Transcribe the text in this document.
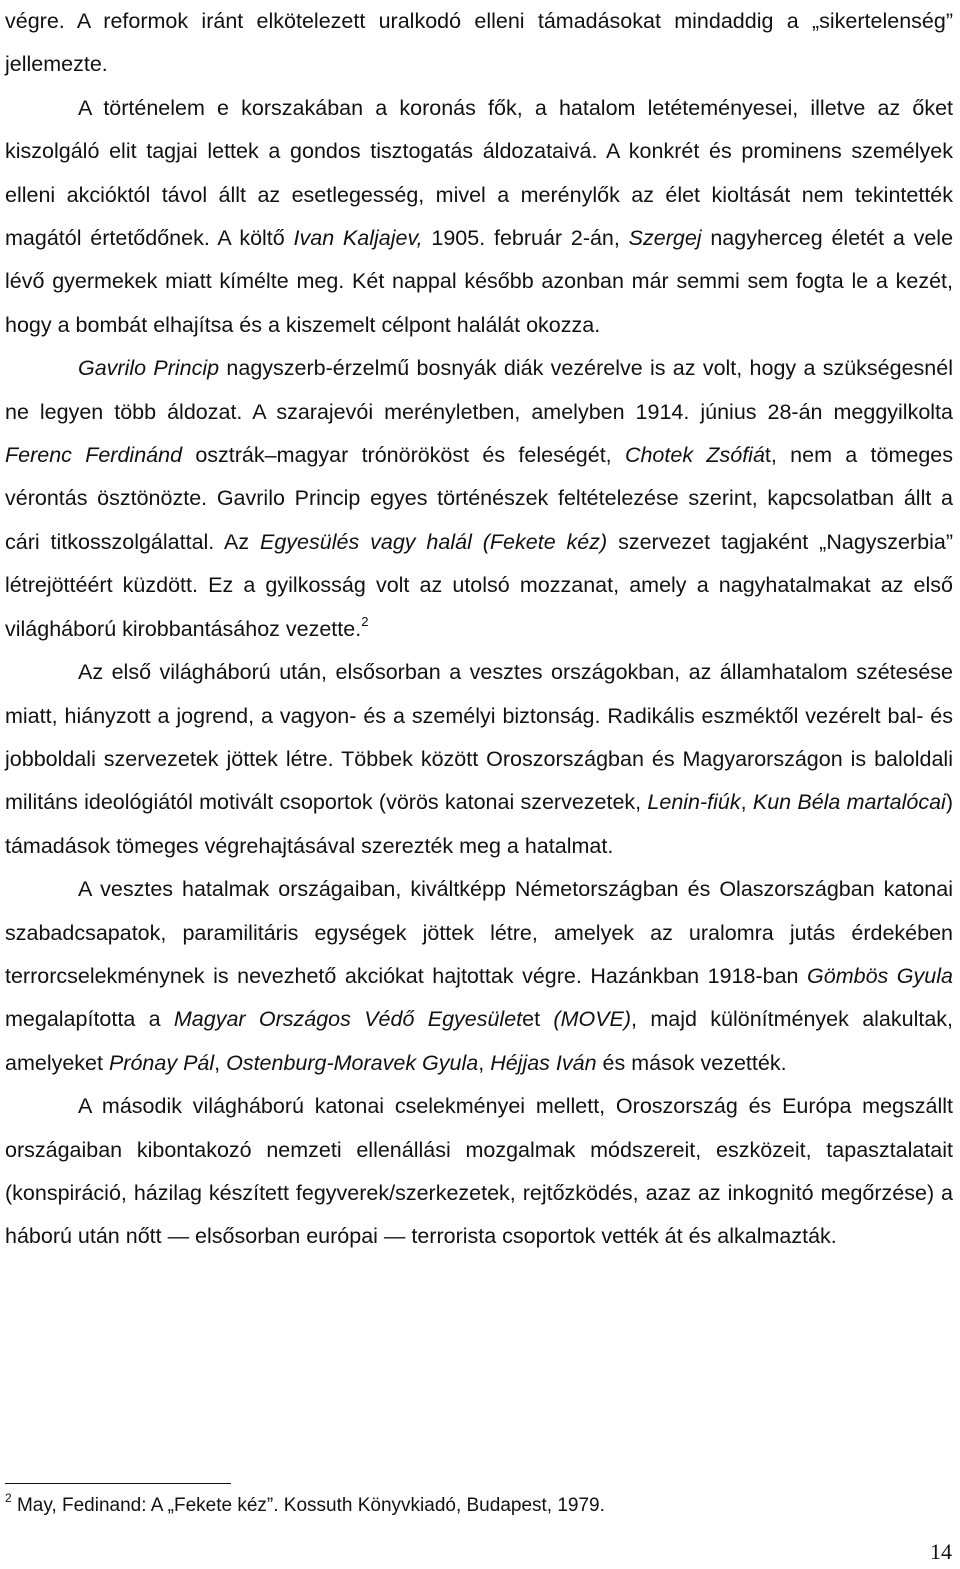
végre. A reformok iránt elkötelezett uralkodó elleni támadásokat mindaddig a „sikertelenség” jellemezte.

A történelem e korszakában a koronás fők, a hatalom letéteményesei, illetve az őket kiszolgáló elit tagjai lettek a gondos tisztogatás áldozataivá. A konkrét és prominens személyek elleni akcióktól távol állt az esetlegesség, mivel a merénylők az élet kioltását nem tekintették magától értetődőnek. A költő Ivan Kaljajev, 1905. február 2-án, Szergej nagyherceg életét a vele lévő gyermekek miatt kímélte meg. Két nappal később azonban már semmi sem fogta le a kezét, hogy a bombát elhajítsa és a kiszemelt célpont halálát okozza.

Gavrilo Princip nagyszerb-érzelmű bosnyák diák vezérelve is az volt, hogy a szükségesnél ne legyen több áldozat. A szarajevói merényletben, amelyben 1914. június 28-án meggyilkolta Ferenc Ferdinánd osztrák–magyar trónörököst és feleségét, Chotek Zsófiát, nem a tömeges vérontás ösztönözte. Gavrilo Princip egyes történészek feltételezése szerint, kapcsolatban állt a cári titkosszolgálattal. Az Egyesülés vagy halál (Fekete kéz) szervezet tagjaként „Nagyszerbia” létrejöttéért küzdött. Ez a gyilkosság volt az utolsó mozzanat, amely a nagyhatalmakat az első világháború kirobbantásához vezette.$^2$

Az első világháború után, elsősorban a vesztes országokban, az államhatalom szétesése miatt, hiányzott a jogrend, a vagyon- és a személyi biztonság. Radikális eszméktől vezérelt bal- és jobboldali szervezetek jöttek létre. Többek között Oroszországban és Magyarországon is baloldali militáns ideológiától motivált csoportok (vörös katonai szervezetek, Lenin-fiúk, Kun Béla martalócai) támadások tömeges végrehajtásával szerezték meg a hatalmat.

A vesztes hatalmak országaiban, kiváltképp Németországban és Olaszországban katonai szabadcsapatok, paramilitáris egységek jöttek létre, amelyek az uralomra jutás érdekében terrorcselekménynek is nevezhető akciókat hajtottak végre. Hazánkban 1918-ban Gömbös Gyula megalapította a Magyar Országos Védő Egyesületet (MOVE), majd különítmények alakultak, amelyeket Prónay Pál, Ostenburg-Moravek Gyula, Héjjas Iván és mások vezették.

A második világháború katonai cselekményei mellett, Oroszország és Európa megszállt országaiban kibontakozó nemzeti ellenállási mozgalmak módszereit, eszközeit, tapasztalatait (konspiráció, házilag készített fegyverek/szerkezetek, rejtőzködés, azaz az inkognitó megőrzése) a háború után nőtt — elsősorban európai — terrorista csoportok vették át és alkalmazták.

$^2$ May, Fedinand: A „Fekete kéz”. Kossuth Könyvkiadó, Budapest, 1979.
14
